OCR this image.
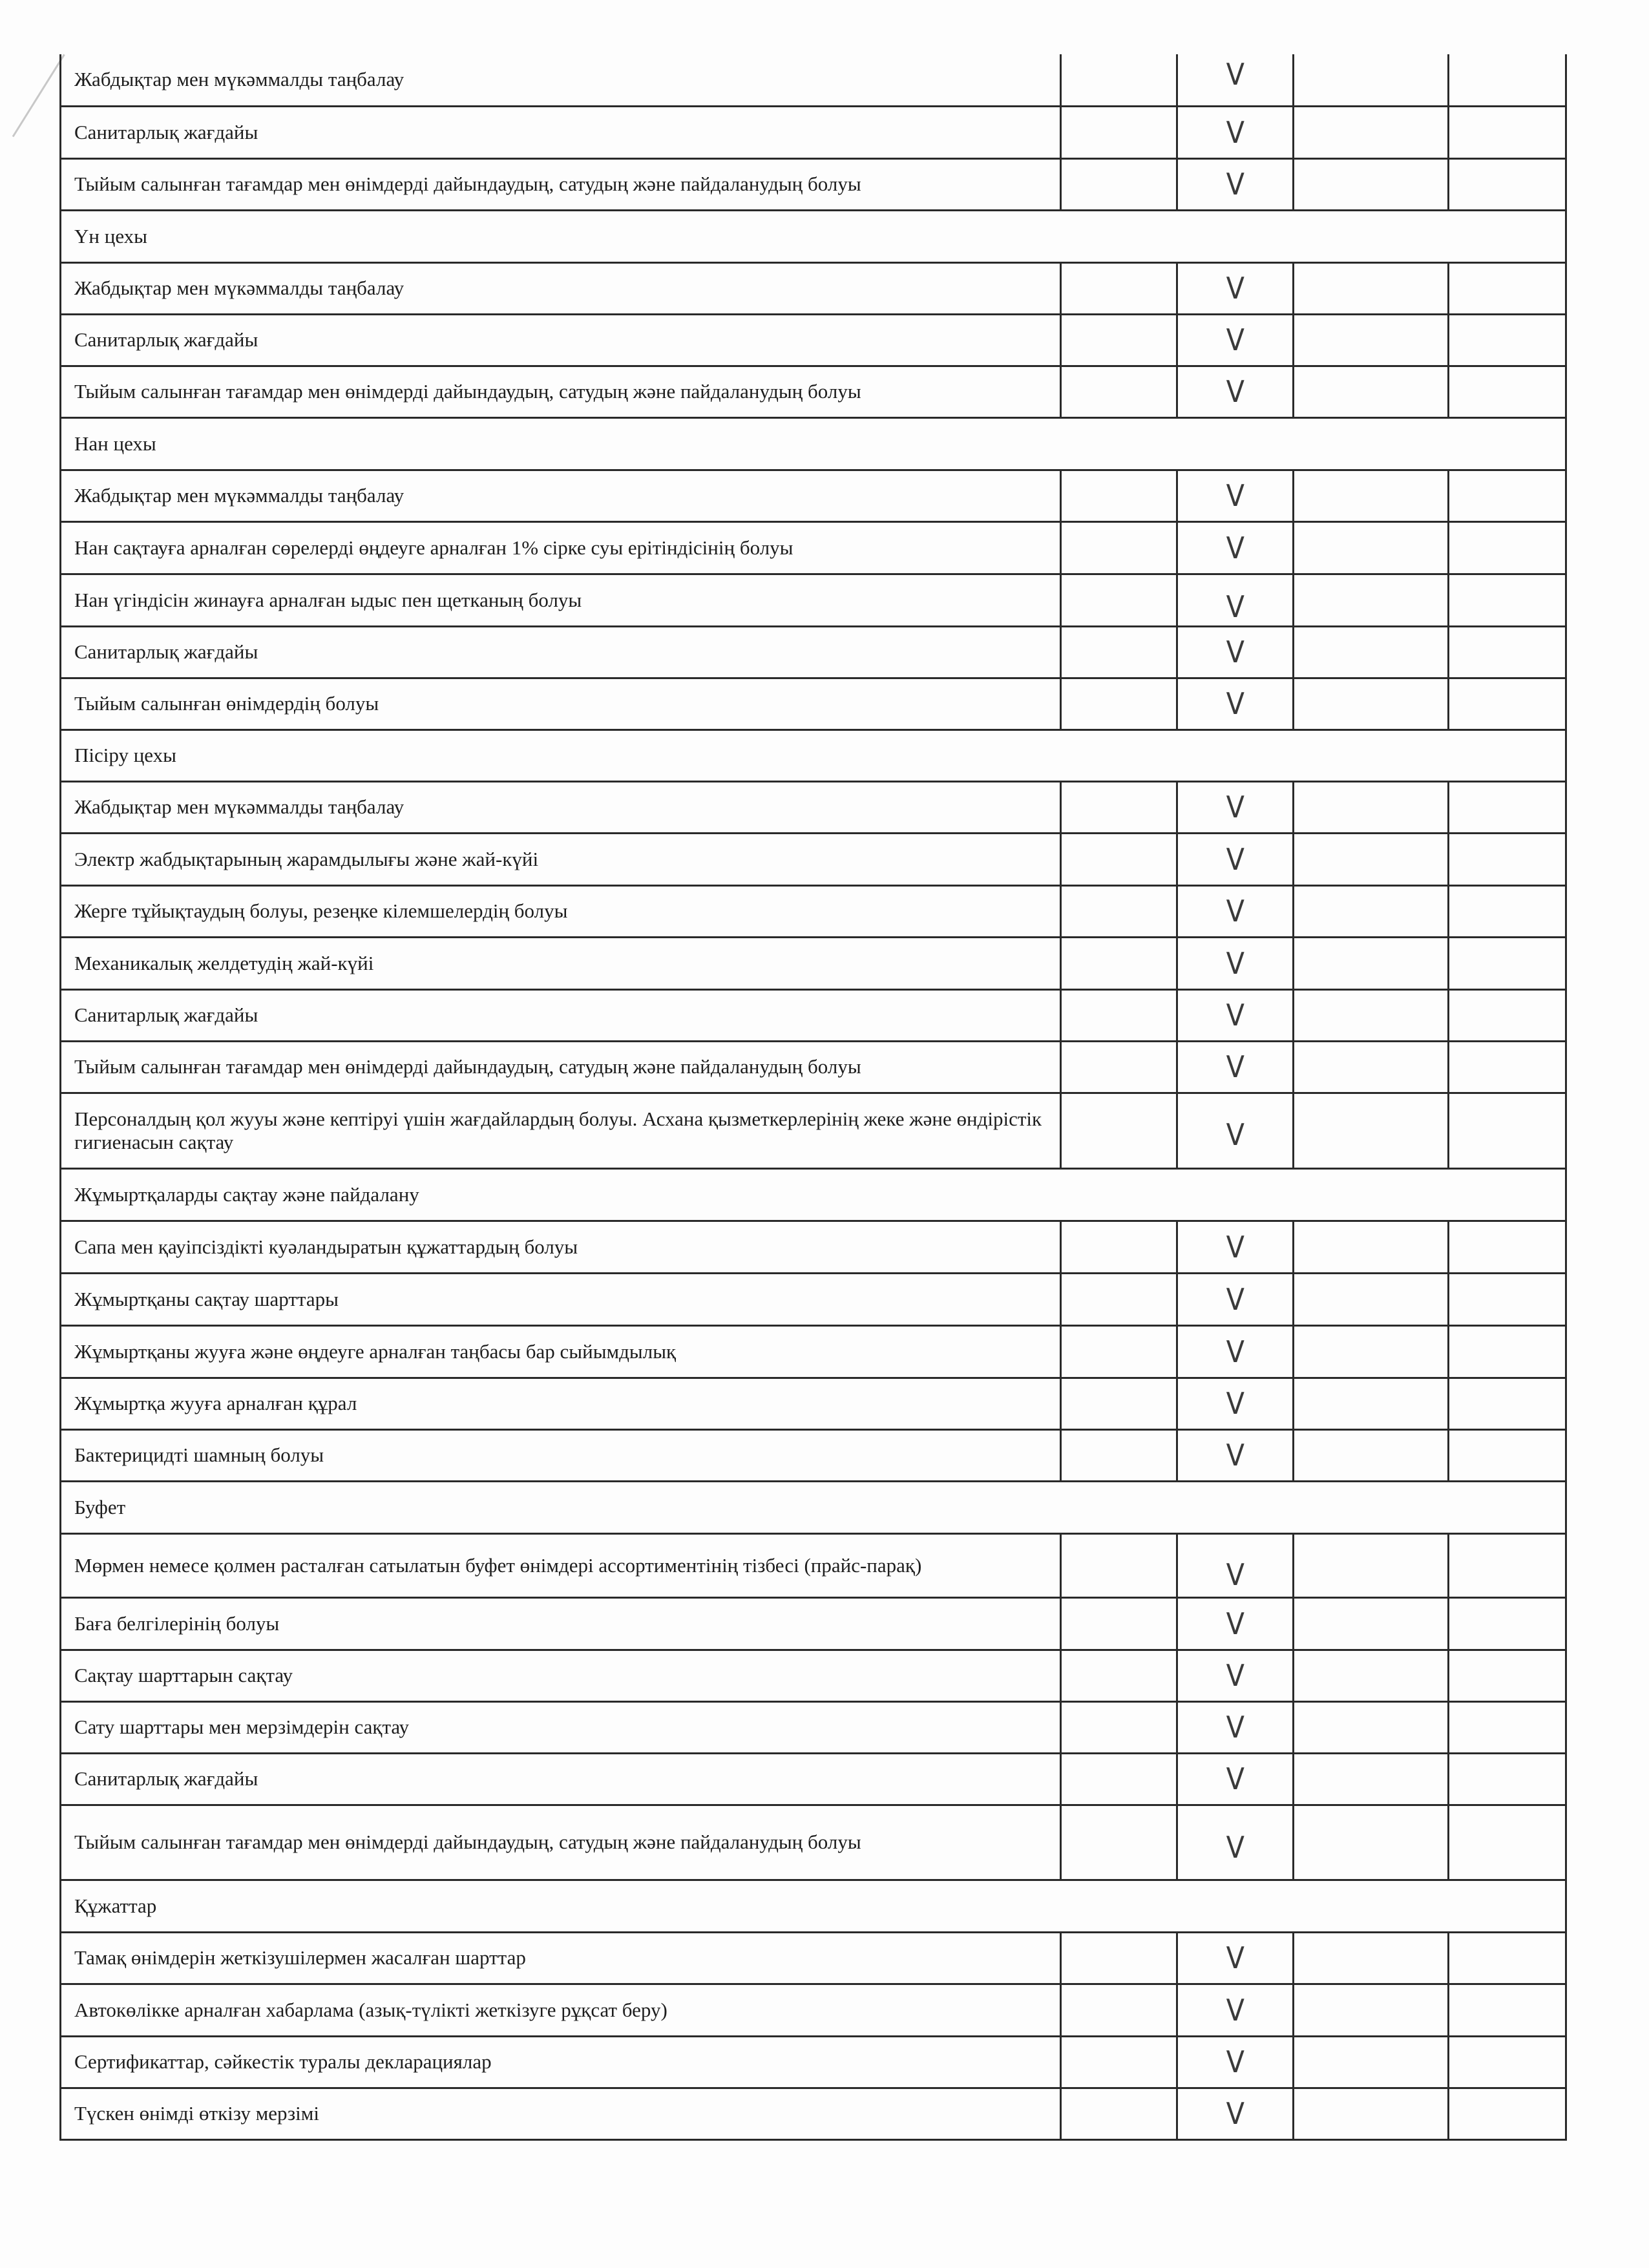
Жабдықтар мен мүкәммалды таңбалау		V		
Санитарлық жағдайы		V		
Тыйым салынған тағамдар мен өнімдерді дайындаудың, сатудың және пайдаланудың болуы		V		
Үн цехы				
Жабдықтар мен мүкәммалды таңбалау		V		
Санитарлық жағдайы		V		
Тыйым салынған тағамдар мен өнімдерді дайындаудың, сатудың және пайдаланудың болуы		V		
Нан цехы				
Жабдықтар мен мүкәммалды таңбалау		V		
Нан сақтауға арналған сөрелерді өңдеуге арналған 1% сірке суы ерітіндісінің болуы		V		
Нан үгіндісін жинауға арналған ыдыс пен щетканың болуы		V		
Санитарлық жағдайы		V		
Тыйым салынған өнімдердің болуы		V		
Пісіру цехы				
Жабдықтар мен мүкәммалды таңбалау		V		
Электр жабдықтарының жарамдылығы және жай-күйі		V		
Жерге тұйықтаудың болуы, резеңке кілемшелердің болуы		V		
Механикалық желдетудің жай-күйі		V		
Санитарлық жағдайы		V		
Тыйым салынған тағамдар мен өнімдерді дайындаудың, сатудың және пайдаланудың болуы		V		
Персоналдың қол жууы және кептіруі үшін жағдайлардың болуы. Асхана қызметкерлерінің жеке және өндірістік гигиенасын сақтау		V		
Жұмыртқаларды сақтау және пайдалану				
Сапа мен қауіпсіздікті куәландыратын құжаттардың болуы		V		
Жұмыртқаны сақтау шарттары		V		
Жұмыртқаны жууға және өңдеуге арналған таңбасы бар сыйымдылық		V		
Жұмыртқа жууға арналған құрал		V		
Бактерицидті шамның болуы		V		
Буфет				
Мөрмен немесе қолмен расталған сатылатын буфет өнімдері ассортиментінің тізбесі (прайс-парақ)		V		
Баға белгілерінің болуы		V		
Сақтау шарттарын сақтау		V		
Сату шарттары мен мерзімдерін сақтау		V		
Санитарлық жағдайы		V		
Тыйым салынған тағамдар мен өнімдерді дайындаудың, сатудың және пайдаланудың болуы		V		
Құжаттар				
Тамақ өнімдерін жеткізушілермен жасалған шарттар		V		
Автокөлікке арналған хабарлама (азық-түлікті жеткізуге рұқсат беру)		V		
Сертификаттар, сәйкестік туралы декларациялар		V		
Түскен өнімді өткізу мерзімі		V		
